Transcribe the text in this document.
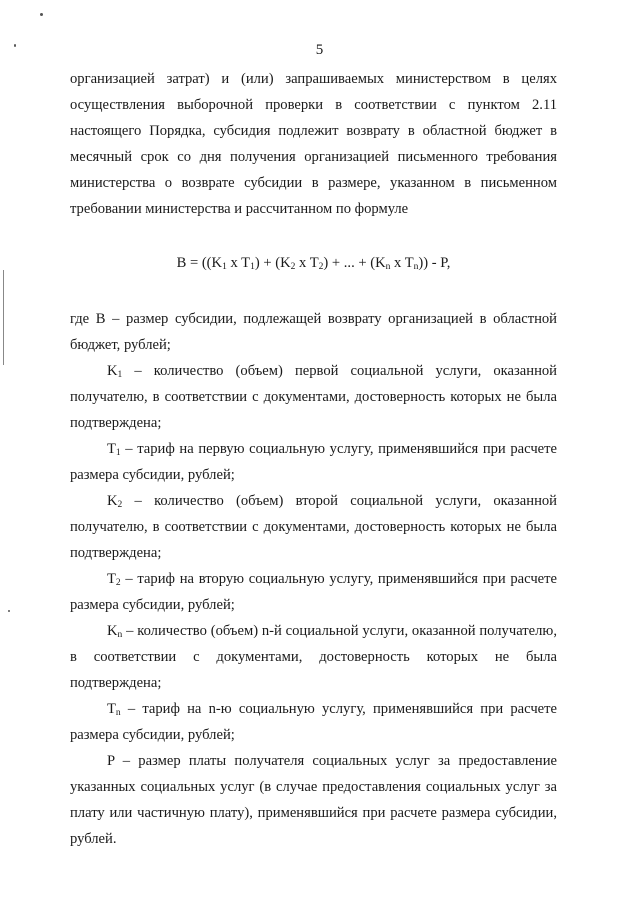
5

организацией затрат) и (или) запрашиваемых министерством в целях осуществления выборочной проверки в соответствии с пунктом 2.11 настоящего Порядка, субсидия подлежит возврату в областной бюджет в месячный срок со дня получения организацией письменного требования министерства о возврате субсидии в размере, указанном в письменном требовании министерства и рассчитанном по формуле

$B = ((K_1$ x $T_1) + (K_2$ x $T_2$) + ... + ($K_n$ x $T_n$)) - P,

где B – размер субсидии, подлежащей возврату организацией в областной бюджет, рублей;

$K_1$ – количество (объем) первой социальной услуги, оказанной получателю, в соответствии с документами, достоверность которых не была подтверждена;

$T_1$ – тариф на первую социальную услугу, применявшийся при расчете размера субсидии, рублей;

$K_2$ – количество (объем) второй социальной услуги, оказанной получателю, в соответствии с документами, достоверность которых не была подтверждена;

$T_2$ – тариф на вторую социальную услугу, применявшийся при расчете размера субсидии, рублей;

$K_n$ – количество (объем) n-й социальной услуги, оказанной получателю, в соответствии с документами, достоверность которых не была подтверждена;

$T_n$ – тариф на n-ю социальную услугу, применявшийся при расчете размера субсидии, рублей;

P – размер платы получателя социальных услуг за предоставление указанных социальных услуг (в случае предоставления социальных услуг за плату или частичную плату), применявшийся при расчете размера субсидии, рублей.
